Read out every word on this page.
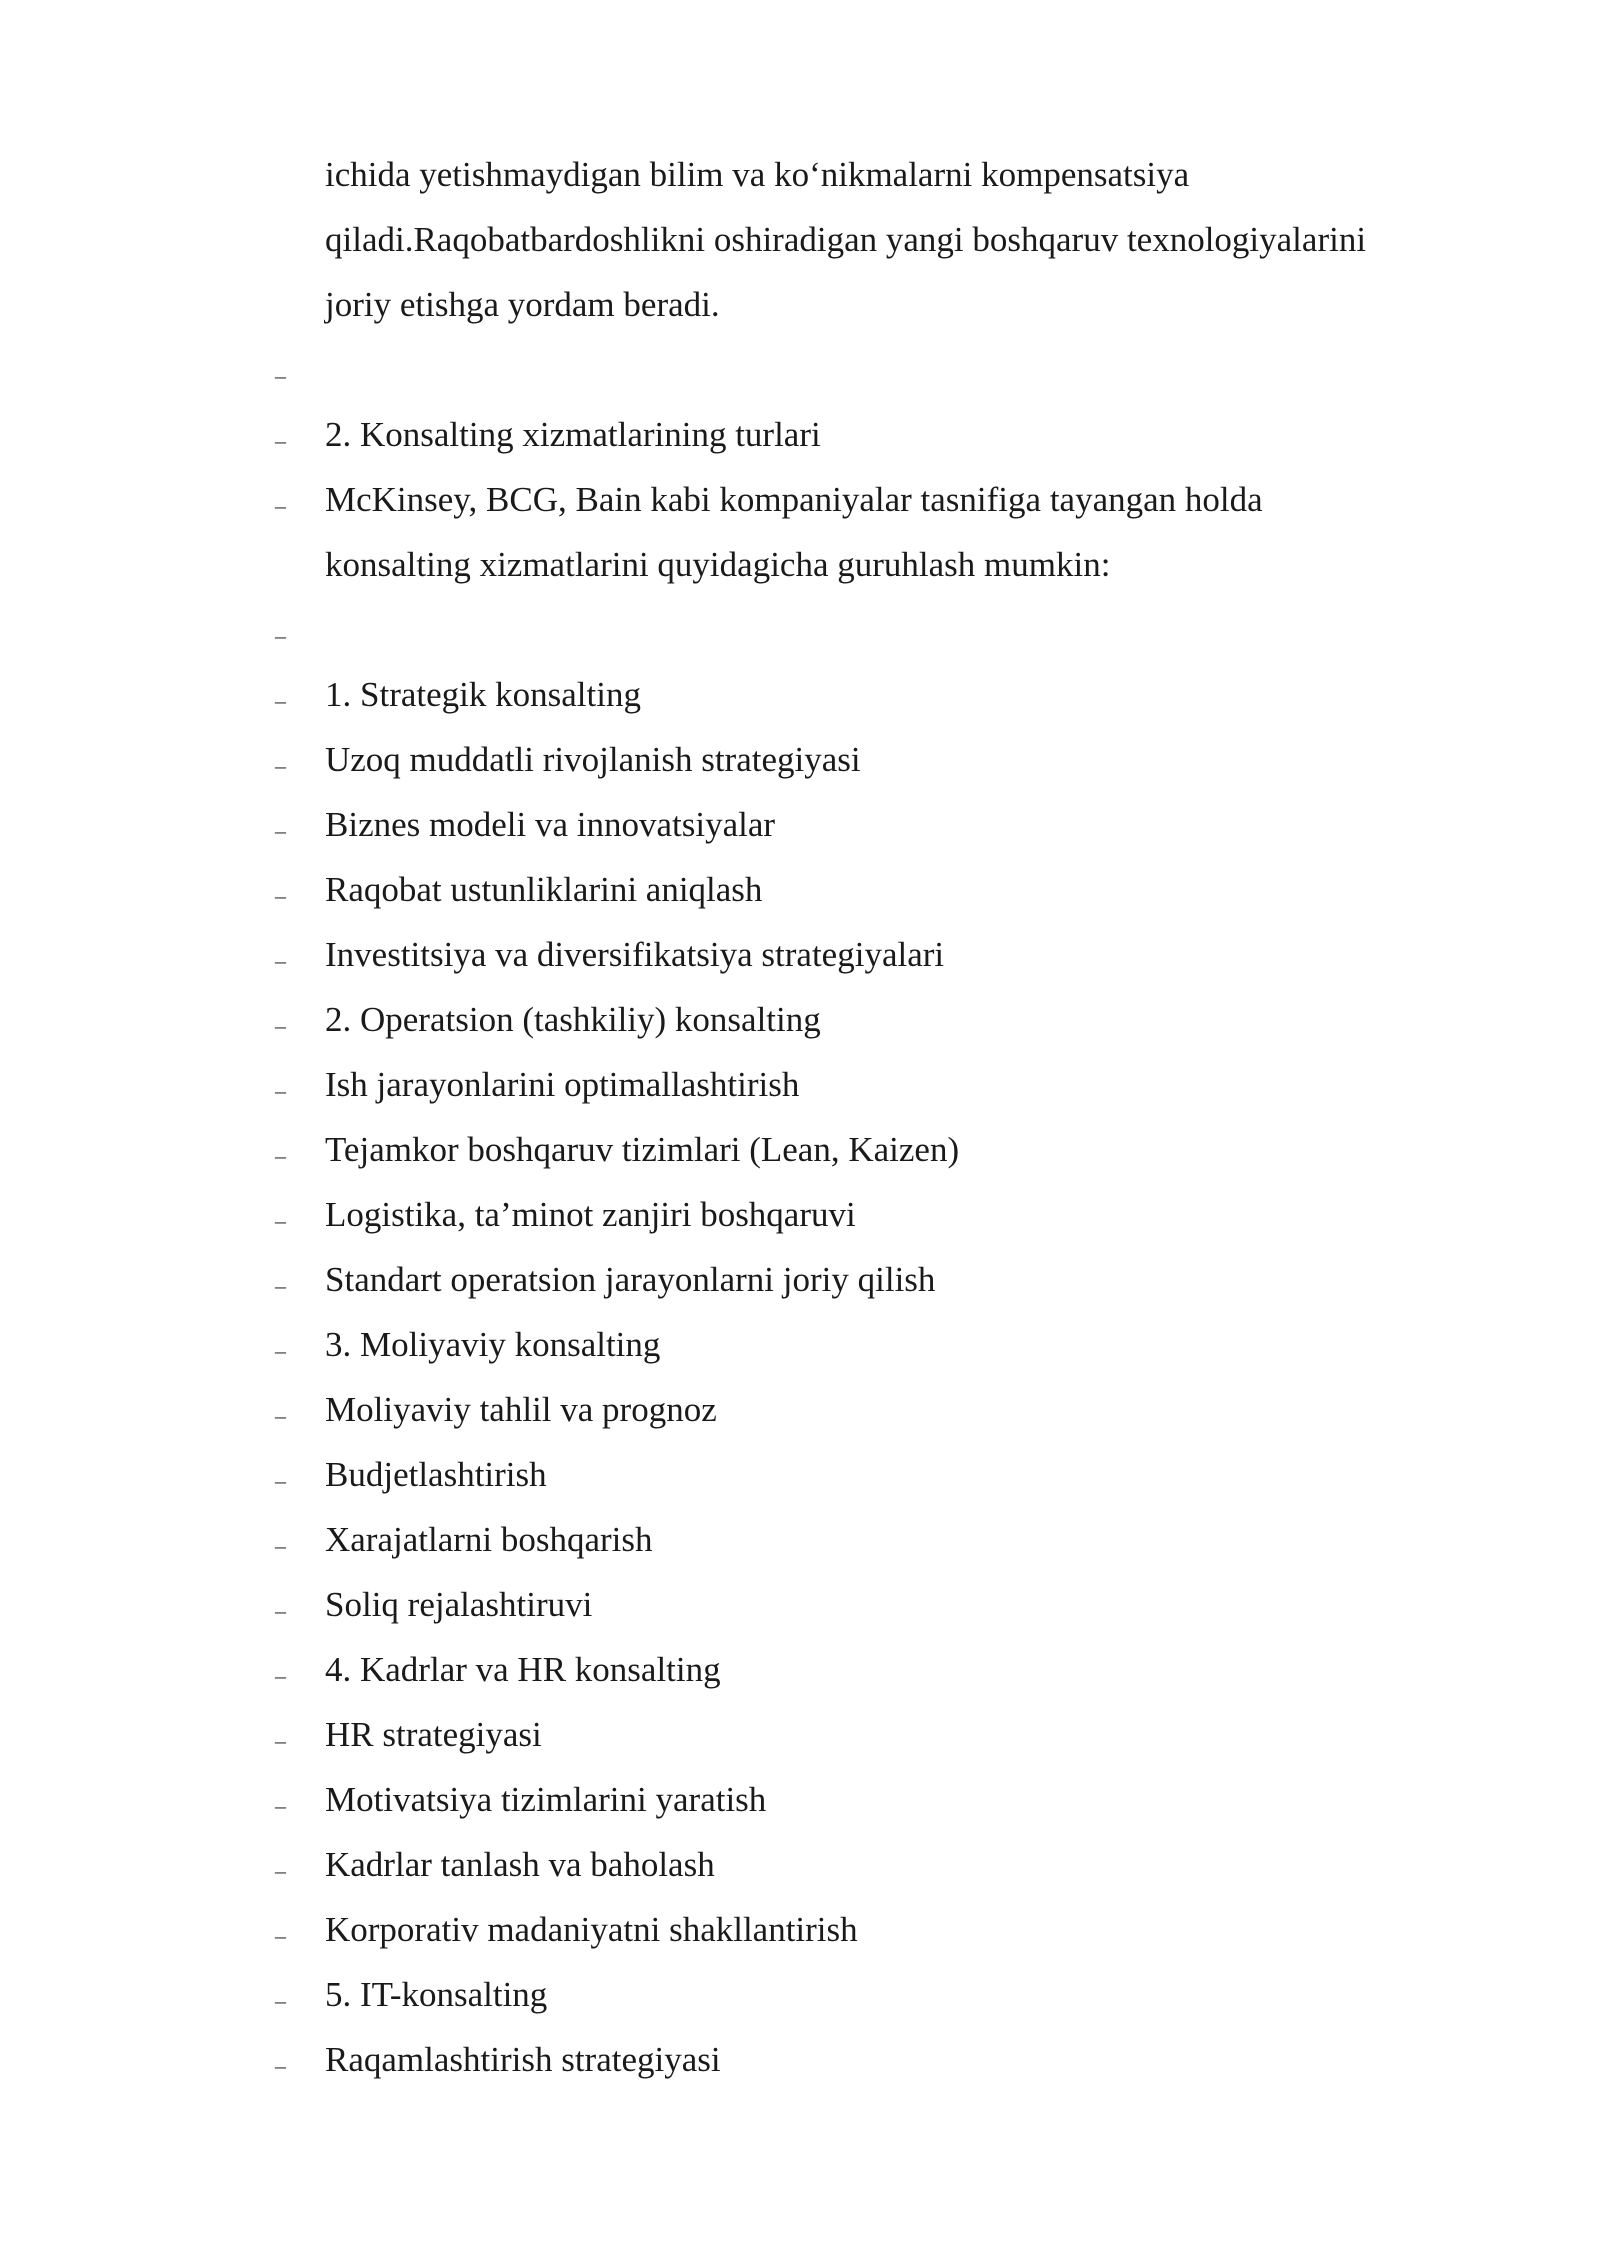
ichida yetishmaydigan bilim va ko‘nikmalarni kompensatsiya
qiladi.Raqobatbardoshlikni oshiradigan yangi boshqaruv texnologiyalarini
joriy etishga yordam beradi.
–
– 2. Konsalting xizmatlarining turlari
– McKinsey, BCG, Bain kabi kompaniyalar tasnifiga tayangan holda
konsalting xizmatlarini quyidagicha guruhlash mumkin:
–
– 1. Strategik konsalting
– Uzoq muddatli rivojlanish strategiyasi
– Biznes modeli va innovatsiyalar
– Raqobat ustunliklarini aniqlash
– Investitsiya va diversifikatsiya strategiyalari
– 2. Operatsion (tashkiliy) konsalting
– Ish jarayonlarini optimallashtirish
– Tejamkor boshqaruv tizimlari (Lean, Kaizen)
– Logistika, ta’minot zanjiri boshqaruvi
– Standart operatsion jarayonlarni joriy qilish
– 3. Moliyaviy konsalting
– Moliyaviy tahlil va prognoz
– Budjetlashtirish
– Xarajatlarni boshqarish
– Soliq rejalashtiruvi
– 4. Kadrlar va HR konsalting
– HR strategiyasi
– Motivatsiya tizimlarini yaratish
– Kadrlar tanlash va baholash
– Korporativ madaniyatni shakllantirish
– 5. IT-konsalting
– Raqamlashtirish strategiyasi
